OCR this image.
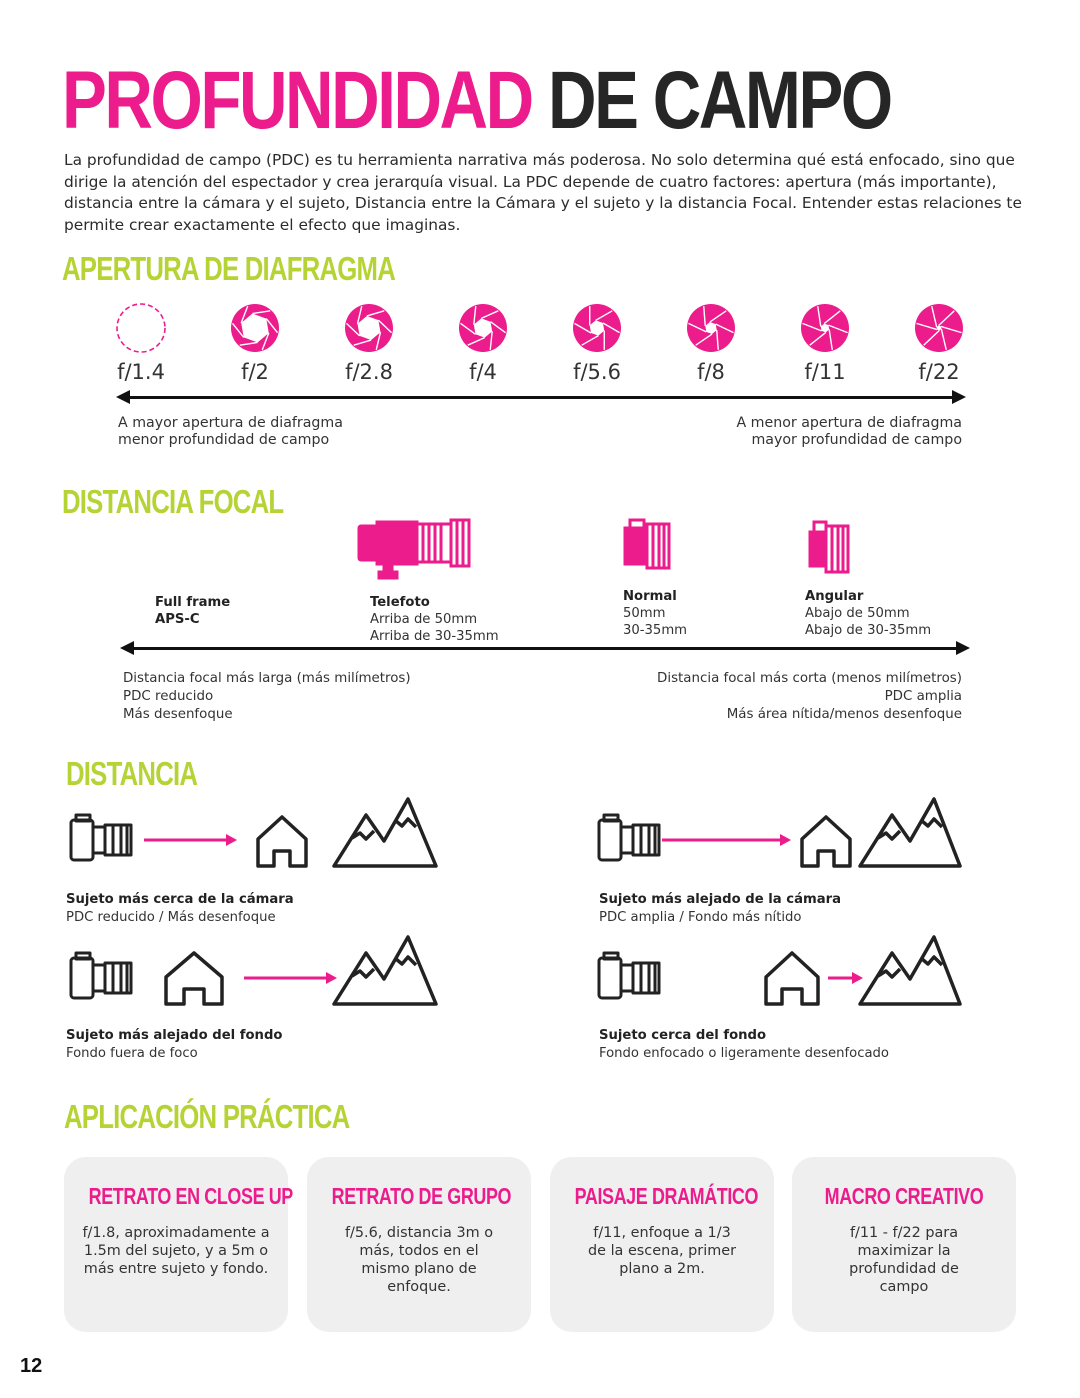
PROFUNDIDAD DE CAMPO

La profundidad de campo (PDC) es tu herramienta narrativa más poderosa. No solo determina qué está enfocado, sino que dirige la atención del espectador y crea jerarquía visual. La PDC depende de cuatro factores: apertura (más importante), distancia entre la cámara y el sujeto, Distancia entre la Cámara y el sujeto y la distancia Focal. Entender estas relaciones te permite crear exactamente el efecto que imaginas.

APERTURA DE DIAFRAGMA
f/1.4	f/2	f/2.8	f/4	f/5.6	f/8	f/11	f/22
A mayor apertura de diafragma
menor profundidad de campo
A menor apertura de diafragma
mayor profundidad de campo
DISTANCIA FOCAL
Full frame
APS-C
Telefoto
Arriba de 50mm
Arriba de 30-35mm
Normal
50mm
30-35mm
Angular
Abajo de 50mm
Abajo de 30-35mm
Distancia focal más larga (más milímetros)
PDC reducido
Más desenfoque
Distancia focal más corta (menos milímetros)
PDC amplia
Más área nítida/menos desenfoque
DISTANCIA
Sujeto más cerca de la cámara
PDC reducido / Más desenfoque
Sujeto más alejado de la cámara
PDC amplia / Fondo más nítido
Sujeto más alejado del fondo
Fondo fuera de foco
Sujeto cerca del fondo
Fondo enfocado o ligeramente desenfocado
APLICACIÓN PRÁCTICA
RETRATO EN CLOSE UP
f/1.8, aproximadamente a 1.5m del sujeto, y a 5m o más entre sujeto y fondo.
RETRATO DE GRUPO
f/5.6, distancia 3m o más, todos en el mismo plano de enfoque.
PAISAJE DRAMÁTICO
f/11, enfoque a 1/3 de la escena, primer plano a 2m.
MACRO CREATIVO
f/11 - f/22 para maximizar la profundidad de campo
12
